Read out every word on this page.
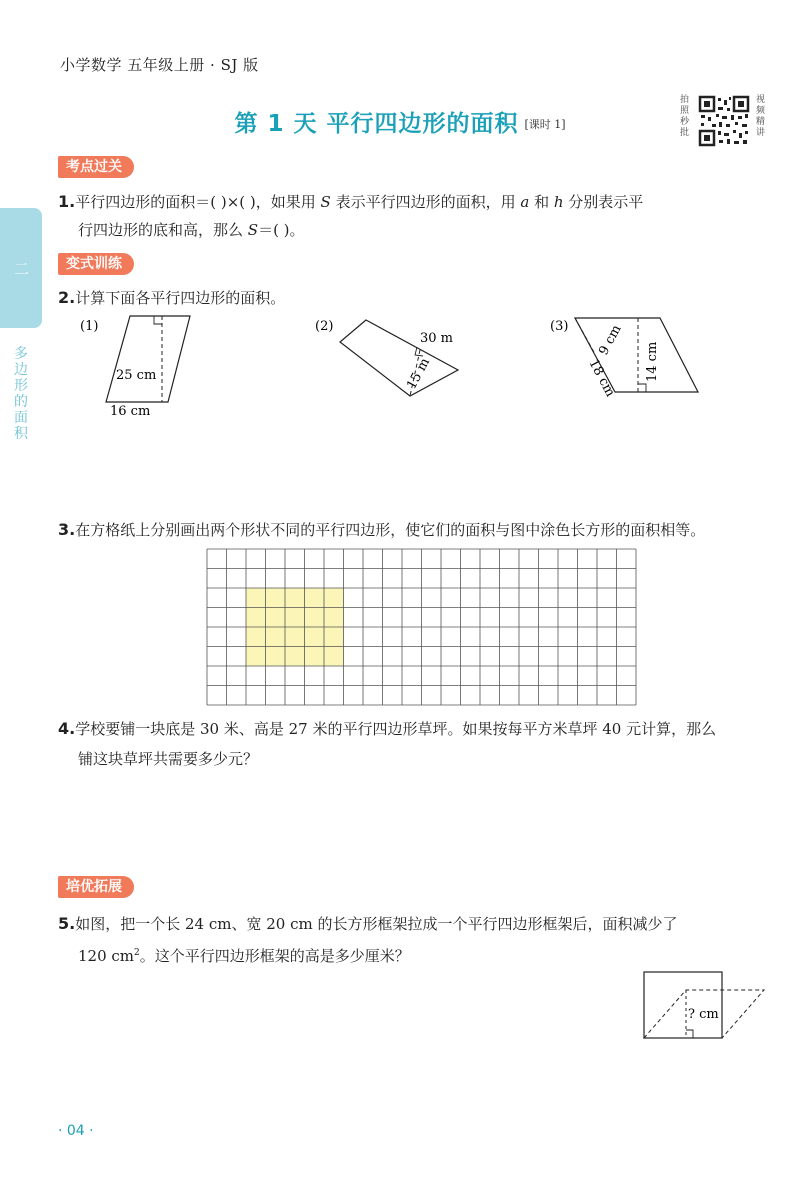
小学数学 五年级上册 · SJ 版
第 1 天 平行四边形的面积 [课时 1]
拍照秒批
视频精讲
二
多边形的面积
考点过关
1.平行四边形的面积＝( )×( )，如果用 S 表示平行四边形的面积，用 a 和 h 分别表示平
行四边形的底和高，那么 S＝( )。
变式训练
2.计算下面各平行四边形的面积。
(1)
25 cm
16 cm
(2)
30 m
15 m
(3) 9 cm
18 cm 14 cm
3.在方格纸上分别画出两个形状不同的平行四边形，使它们的面积与图中涂色长方形的面积相等。
4.学校要铺一块底是 30 米、高是 27 米的平行四边形草坪。如果按每平方米草坪 40 元计算，那么
铺这块草坪共需要多少元？
培优拓展
5.如图，把一个长 24 cm、宽 20 cm 的长方形框架拉成一个平行四边形框架后，面积减少了
120 $cm^2$。这个平行四边形框架的高是多少厘米？
? cm
· 04 ·
